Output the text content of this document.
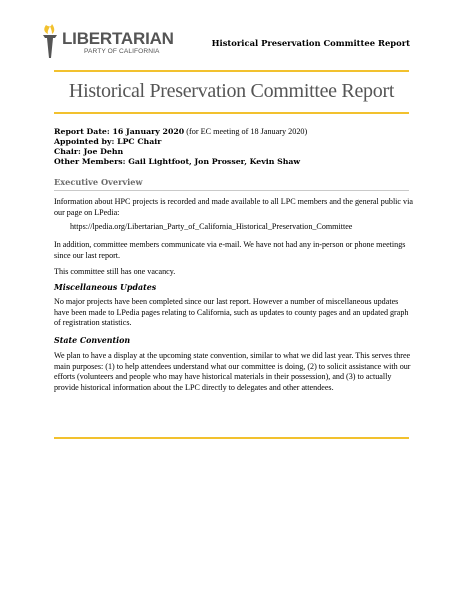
LIBERTARIAN
PARTY OF CALIFORNIA
Historical Preservation Committee Report
Historical Preservation Committee Report
Report Date: 16 January 2020 (for EC meeting of 18 January 2020)
Appointed by: LPC Chair
Chair: Joe Dehn
Other Members: Gail Lightfoot, Jon Prosser, Kevin Shaw
Executive Overview
Information about HPC projects is recorded and made available to all LPC members and the general public via our page on LPedia:
https://lpedia.org/Libertarian_Party_of_California_Historical_Preservation_Committee
In addition, committee members communicate via e-mail. We have not had any in-person or phone meetings since our last report.
This committee still has one vacancy.
Miscellaneous Updates
No major projects have been completed since our last report. However a number of miscellaneous updates have been made to LPedia pages relating to California, such as updates to county pages and an updated graph of registration statistics.
State Convention
We plan to have a display at the upcoming state convention, similar to what we did last year. This serves three main purposes: (1) to help attendees understand what our committee is doing, (2) to solicit assistance with our efforts (volunteers and people who may have historical materials in their possession), and (3) to actually provide historical information about the LPC directly to delegates and other attendees.
